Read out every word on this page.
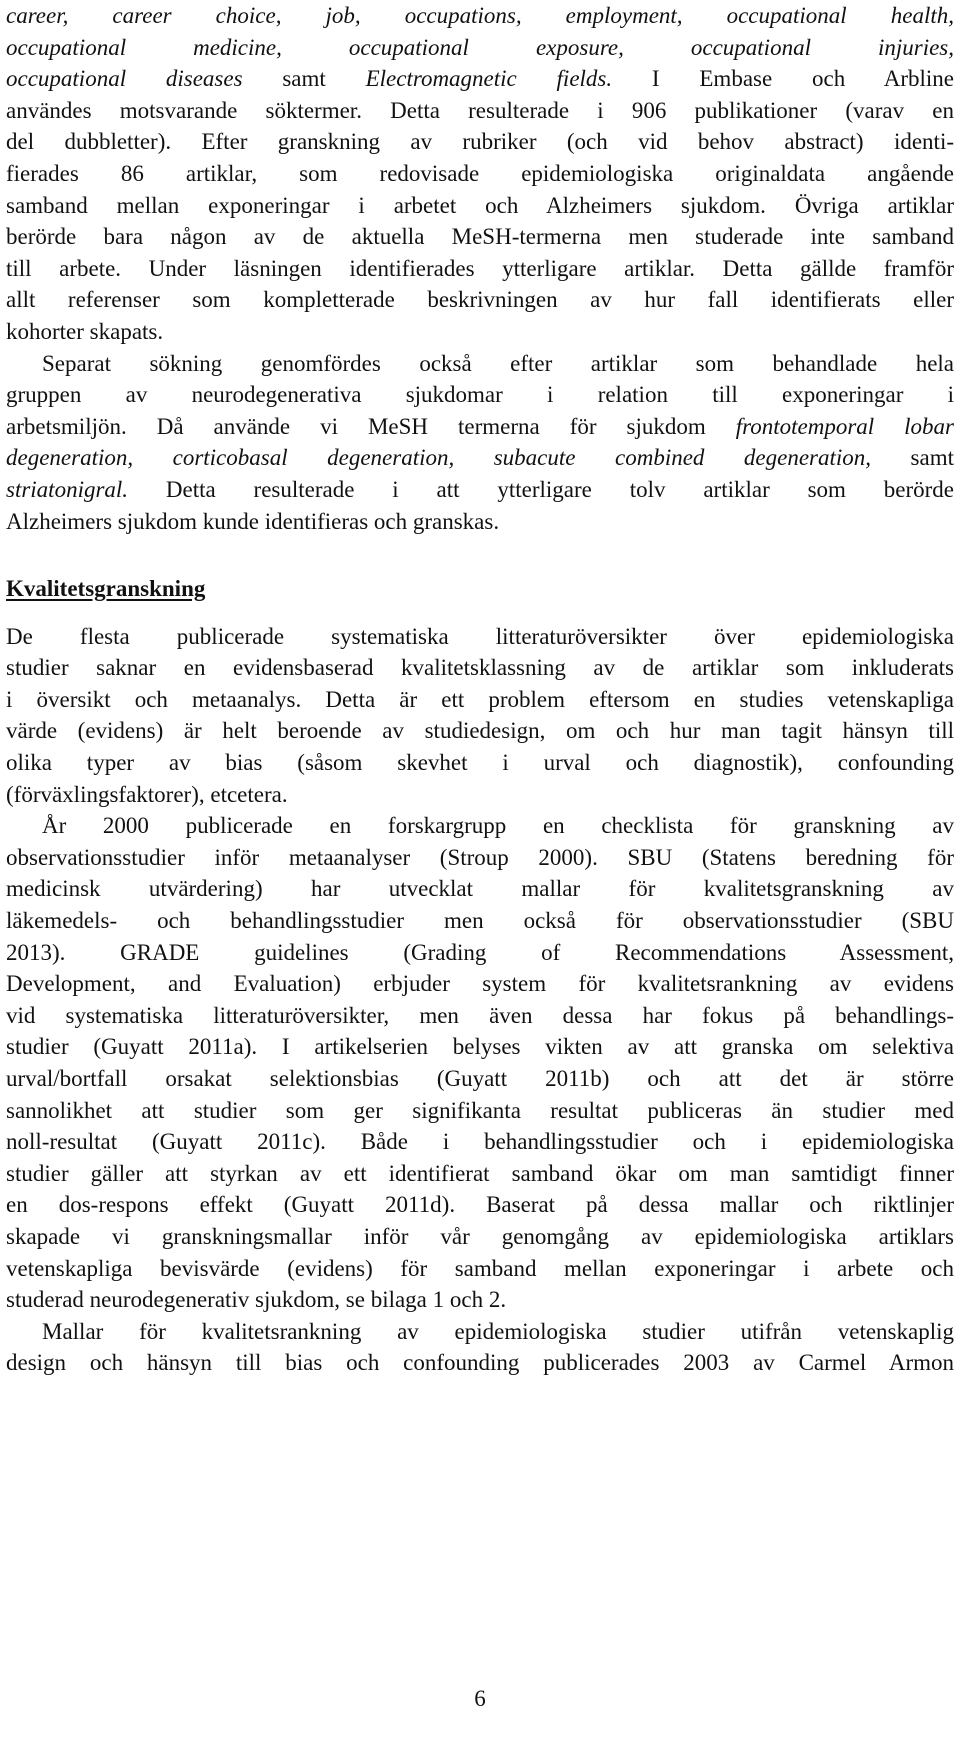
career, career choice, job, occupations, employment, occupational health,
occupational medicine, occupational exposure, occupational injuries,
occupational diseases samt Electromagnetic fields. I Embase och Arbline
användes motsvarande söktermer. Detta resulterade i 906 publikationer (varav en
del dubbletter). Efter granskning av rubriker (och vid behov abstract) identi-
fierades 86 artiklar, som redovisade epidemiologiska originaldata angående
samband mellan exponeringar i arbetet och Alzheimers sjukdom. Övriga artiklar
berörde bara någon av de aktuella MeSH-termerna men studerade inte samband
till arbete. Under läsningen identifierades ytterligare artiklar. Detta gällde framför
allt referenser som kompletterade beskrivningen av hur fall identifierats eller
kohorter skapats.
Separat sökning genomfördes också efter artiklar som behandlade hela
gruppen av neurodegenerativa sjukdomar i relation till exponeringar i
arbetsmiljön. Då använde vi MeSH termerna för sjukdom frontotemporal lobar
degeneration, corticobasal degeneration, subacute combined degeneration, samt
striatonigral. Detta resulterade i att ytterligare tolv artiklar som berörde
Alzheimers sjukdom kunde identifieras och granskas.
Kvalitetsgranskning
De flesta publicerade systematiska litteraturöversikter över epidemiologiska
studier saknar en evidensbaserad kvalitetsklassning av de artiklar som inkluderats
i översikt och metaanalys. Detta är ett problem eftersom en studies vetenskapliga
värde (evidens) är helt beroende av studiedesign, om och hur man tagit hänsyn till
olika typer av bias (såsom skevhet i urval och diagnostik), confounding
(förväxlingsfaktorer), etcetera.
År 2000 publicerade en forskargrupp en checklista för granskning av
observationsstudier inför metaanalyser (Stroup 2000). SBU (Statens beredning för
medicinsk utvärdering) har utvecklat mallar för kvalitetsgranskning av
läkemedels- och behandlingsstudier men också för observationsstudier (SBU
2013). GRADE guidelines (Grading of Recommendations Assessment,
Development, and Evaluation) erbjuder system för kvalitetsrankning av evidens
vid systematiska litteraturöversikter, men även dessa har fokus på behandlings-
studier (Guyatt 2011a). I artikelserien belyses vikten av att granska om selektiva
urval/bortfall orsakat selektionsbias (Guyatt 2011b) och att det är större
sannolikhet att studier som ger signifikanta resultat publiceras än studier med
noll-resultat (Guyatt 2011c). Både i behandlingsstudier och i epidemiologiska
studier gäller att styrkan av ett identifierat samband ökar om man samtidigt finner
en dos-respons effekt (Guyatt 2011d). Baserat på dessa mallar och riktlinjer
skapade vi granskningsmallar inför vår genomgång av epidemiologiska artiklars
vetenskapliga bevisvärde (evidens) för samband mellan exponeringar i arbete och
studerad neurodegenerativ sjukdom, se bilaga 1 och 2.
Mallar för kvalitetsrankning av epidemiologiska studier utifrån vetenskaplig
design och hänsyn till bias och confounding publicerades 2003 av Carmel Armon
6
